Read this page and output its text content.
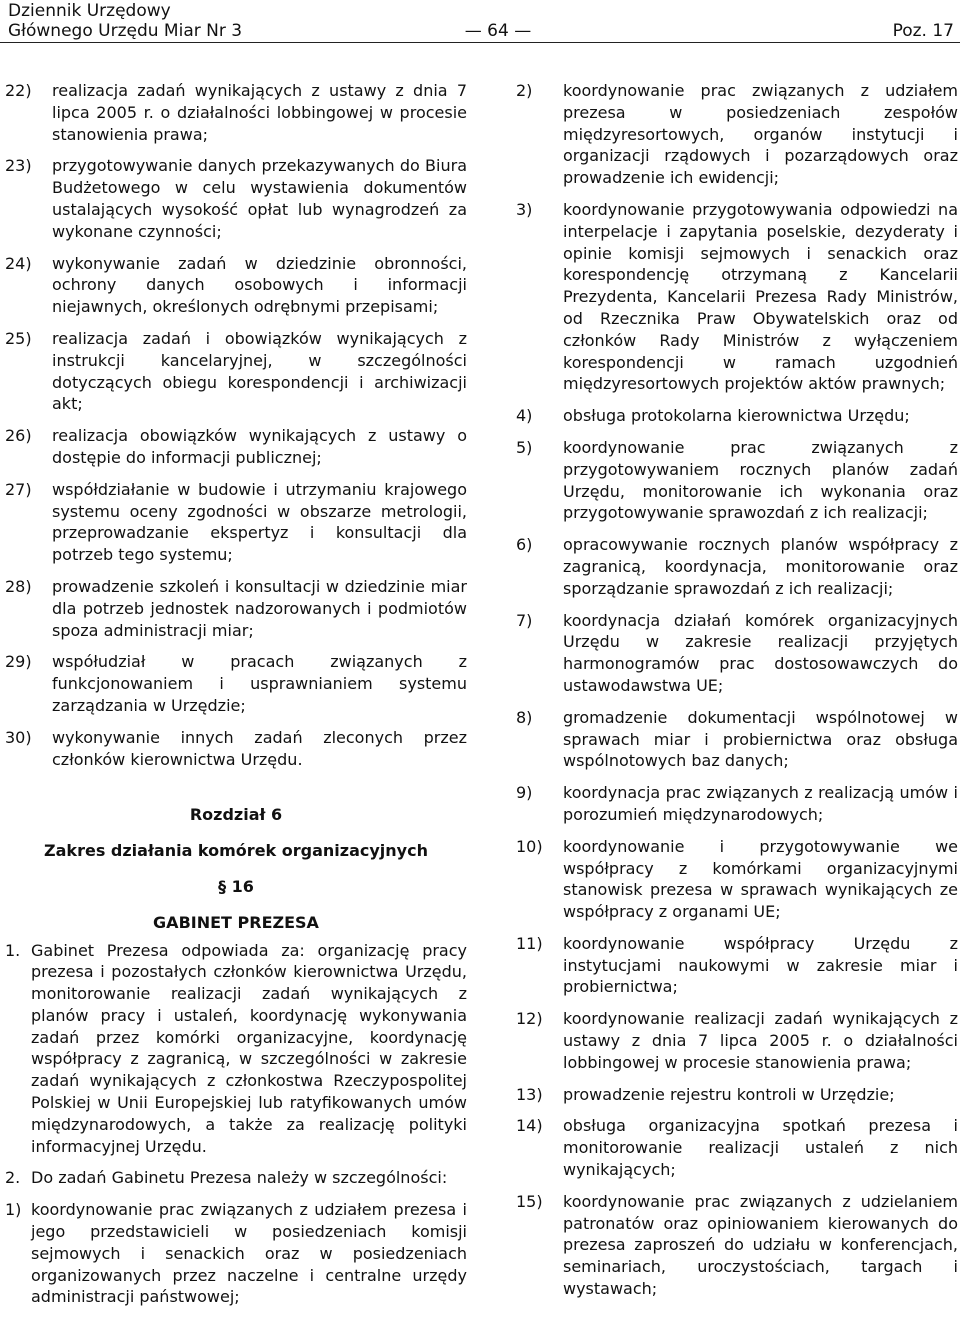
Dziennik Urzędowy
Głównego Urzędu Miar Nr 3	— 64 —	Poz. 17
22)	realizacja zadań wynikających z ustawy z dnia 7 lipca 2005 r. o działalności lobbingowej w procesie stanowienia prawa;
23)	przygotowywanie danych przekazywanych do Biura Budżetowego w celu wystawienia dokumentów ustalających wysokość opłat lub wynagrodzeń za wykonane czynności;
24)	wykonywanie zadań w dziedzinie obronności, ochrony danych osobowych i informacji niejawnych, określonych odrębnymi przepisami;
25)	realizacja zadań i obowiązków wynikających z instrukcji kancelaryjnej, w szczególności dotyczących obiegu korespondencji i archiwizacji akt;
26)	realizacja obowiązków wynikających z ustawy o dostępie do informacji publicznej;
27)	współdziałanie w budowie i utrzymaniu krajowego systemu oceny zgodności w obszarze metrologii, przeprowadzanie ekspertyz i konsultacji dla potrzeb tego systemu;
28)	prowadzenie szkoleń i konsultacji w dziedzinie miar dla potrzeb jednostek nadzorowanych i podmiotów spoza administracji miar;
29)	współudział w pracach związanych z funkcjonowaniem i usprawnianiem systemu zarządzania w Urzędzie;
30)	wykonywanie innych zadań zleconych przez członków kierownictwa Urzędu.
Rozdział 6
Zakres działania komórek organizacyjnych
§ 16
GABINET PREZESA
1. Gabinet Prezesa odpowiada za: organizację pracy prezesa i pozostałych członków kierownictwa Urzędu, monitorowanie realizacji zadań wynikających z planów pracy i ustaleń, koordynację wykonywania zadań przez komórki organizacyjne, koordynację współpracy z zagranicą, w szczególności w zakresie zadań wynikających z członkostwa Rzeczypospolitej Polskiej w Unii Europejskiej lub ratyfikowanych umów międzynarodowych, a także za realizację polityki informacyjnej Urzędu.
2. Do zadań Gabinetu Prezesa należy w szczególności:
1) koordynowanie prac związanych z udziałem prezesa i jego przedstawicieli w posiedzeniach komisji sejmowych i senackich oraz w posiedzeniach organizowanych przez naczelne i centralne urzędy administracji państwowej;
2)	koordynowanie prac związanych z udziałem prezesa w posiedzeniach zespołów międzyresortowych, organów instytucji i organizacji rządowych i pozarządowych oraz prowadzenie ich ewidencji;
3)	koordynowanie przygotowywania odpowiedzi na interpelacje i zapytania poselskie, dezyderaty i opinie komisji sejmowych i senackich oraz korespondencję otrzymaną z Kancelarii Prezydenta, Kancelarii Prezesa Rady Ministrów, od Rzecznika Praw Obywatelskich oraz od członków Rady Ministrów z wyłączeniem korespondencji w ramach uzgodnień międzyresortowych projektów aktów prawnych;
4)	obsługa protokolarna kierownictwa Urzędu;
5)	koordynowanie prac związanych z przygotowywaniem rocznych planów zadań Urzędu, monitorowanie ich wykonania oraz przygotowywanie sprawozdań z ich realizacji;
6)	opracowywanie rocznych planów współpracy z zagranicą, koordynacja, monitorowanie oraz sporządzanie sprawozdań z ich realizacji;
7)	koordynacja działań komórek organizacyjnych Urzędu w zakresie realizacji przyjętych harmonogramów prac dostosowawczych do ustawodawstwa UE;
8)	gromadzenie dokumentacji wspólnotowej w sprawach miar i probiernictwa oraz obsługa wspólnotowych baz danych;
9)	koordynacja prac związanych z realizacją umów i porozumień międzynarodowych;
10)	koordynowanie i przygotowywanie we współpracy z komórkami organizacyjnymi stanowisk prezesa w sprawach wynikających ze współpracy z organami UE;
11)	koordynowanie współpracy Urzędu z instytucjami naukowymi w zakresie miar i probiernictwa;
12)	koordynowanie realizacji zadań wynikających z ustawy z dnia 7 lipca 2005 r. o działalności lobbingowej w procesie stanowienia prawa;
13)	prowadzenie rejestru kontroli w Urzędzie;
14)	obsługa organizacyjna spotkań prezesa i monitorowanie realizacji ustaleń z nich wynikających;
15)	koordynowanie prac związanych z udzielaniem patronatów oraz opiniowaniem kierowanych do prezesa zaproszeń do udziału w konferencjach, seminariach, uroczystościach, targach i wystawach;
